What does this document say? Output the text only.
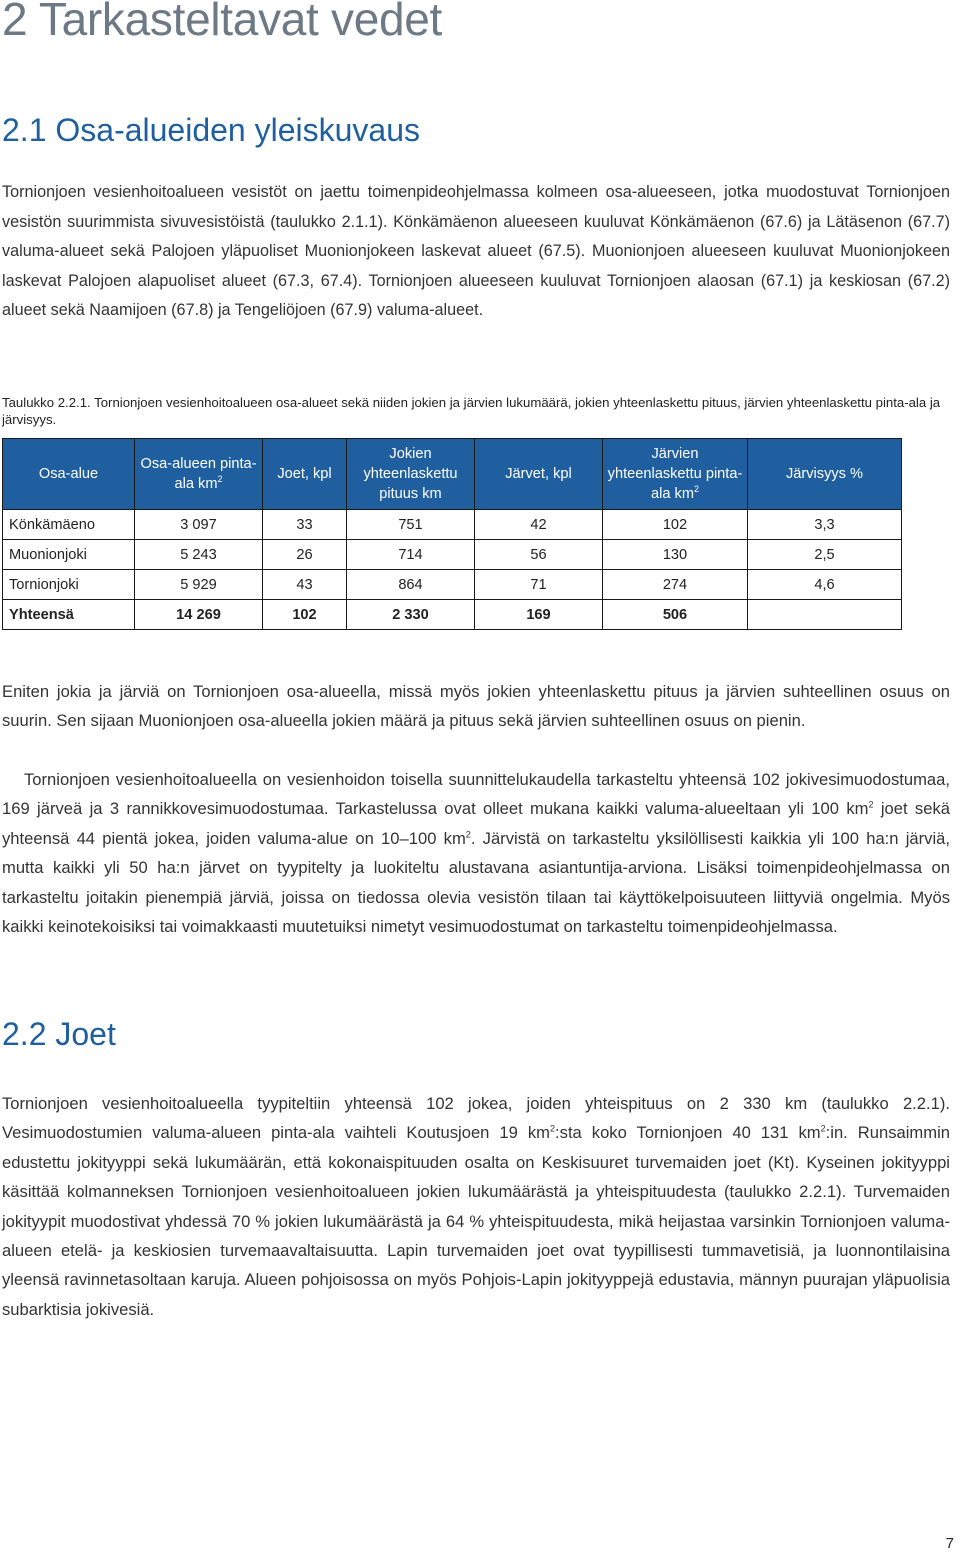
2 Tarkasteltavat vedet
2.1 Osa-alueiden yleiskuvaus

Tornionjoen vesienhoitoalueen vesistöt on jaettu toimenpideohjelmassa kolmeen osa-alueeseen, jotka muodostuvat Tornionjoen vesistön suurimmista sivuvesistöistä (taulukko 2.1.1). Könkämäenon alueeseen kuuluvat Könkämäenon (67.6) ja Lätäsenon (67.7) valuma-alueet sekä Palojoen yläpuoliset Muonionjokeen laskevat alueet (67.5). Muonionjoen alueeseen kuuluvat Muonionjokeen laskevat Palojoen alapuoliset alueet (67.3, 67.4). Tornionjoen alueeseen kuuluvat Tornionjoen alaosan (67.1) ja keskiosan (67.2) alueet sekä Naamijoen (67.8) ja Tengeliöjoen (67.9) valuma-alueet.

Taulukko 2.2.1. Tornionjoen vesienhoitoalueen osa-alueet sekä niiden jokien ja järvien lukumäärä, jokien yhteenlaskettu pituus, järvien yhteenlaskettu pinta-ala ja järvisyys.

Osa-alue	Osa-alueen pinta-ala $km^2$	Joet, kpl	Jokien yhteenlaskettu pituus km	Järvet, kpl	Järvien yhteenlaskettu pinta-ala $km^2$	Järvisyys %
Könkämäeno	3 097	33	751	42	102	3,3
Muonionjoki	5 243	26	714	56	130	2,5
Tornionjoki	5 929	43	864	71	274	4,6
Yhteensä	14 269	102	2 330	169	506	

Eniten jokia ja järviä on Tornionjoen osa-alueella, missä myös jokien yhteenlaskettu pituus ja järvien suhteellinen osuus on suurin. Sen sijaan Muonionjoen osa-alueella jokien määrä ja pituus sekä järvien suhteellinen osuus on pienin.

Tornionjoen vesienhoitoalueella on vesienhoidon toisella suunnittelukaudella tarkasteltu yhteensä 102 jokivesimuodostumaa, 169 järveä ja 3 rannikkovesimuodostumaa. Tarkastelussa ovat olleet mukana kaikki valuma-alueeltaan yli 100 $km^2$ joet sekä yhteensä 44 pientä jokea, joiden valuma-alue on 10–100 $km^2$. Järvistä on tarkasteltu yksilöllisesti kaikkia yli 100 ha:n järviä, mutta kaikki yli 50 ha:n järvet on tyypitelty ja luokiteltu alustavana asiantuntija-arviona. Lisäksi toimenpideohjelmassa on tarkasteltu joitakin pienempiä järviä, joissa on tiedossa olevia vesistön tilaan tai käyttökelpoisuuteen liittyviä ongelmia. Myös kaikki keinotekoisiksi tai voimakkaasti muutetuiksi nimetyt vesimuodostumat on tarkasteltu toimenpideohjelmassa.

2.2 Joet

Tornionjoen vesienhoitoalueella tyypiteltiin yhteensä 102 jokea, joiden yhteispituus on 2 330 km (taulukko 2.2.1). Vesimuodostumien valuma-alueen pinta-ala vaihteli Koutusjoen 19 $km^2:sta$ koko Tornionjoen 40 131 $km^2:in$. Runsaimmin edustettu jokityyppi sekä lukumäärän, että kokonaispituuden osalta on Keskisuuret turvemaiden joet (Kt). Kyseinen jokityyppi käsittää kolmanneksen Tornionjoen vesienhoitoalueen jokien lukumäärästä ja yhteispituudesta (taulukko 2.2.1). Turvemaiden jokityypit muodostivat yhdessä 70 % jokien lukumäärästä ja 64 % yhteispituudesta, mikä heijastaa varsinkin Tornionjoen valuma-alueen etelä- ja keskiosien turvemaavaltaisuutta. Lapin turvemaiden joet ovat tyypillisesti tummavetisiä, ja luonnontilaisina yleensä ravinnetasoltaan karuja. Alueen pohjoisossa on myös Pohjois-Lapin jokityyppejä edustavia, männyn puurajan yläpuolisia subarktisia jokivesiä.

7
